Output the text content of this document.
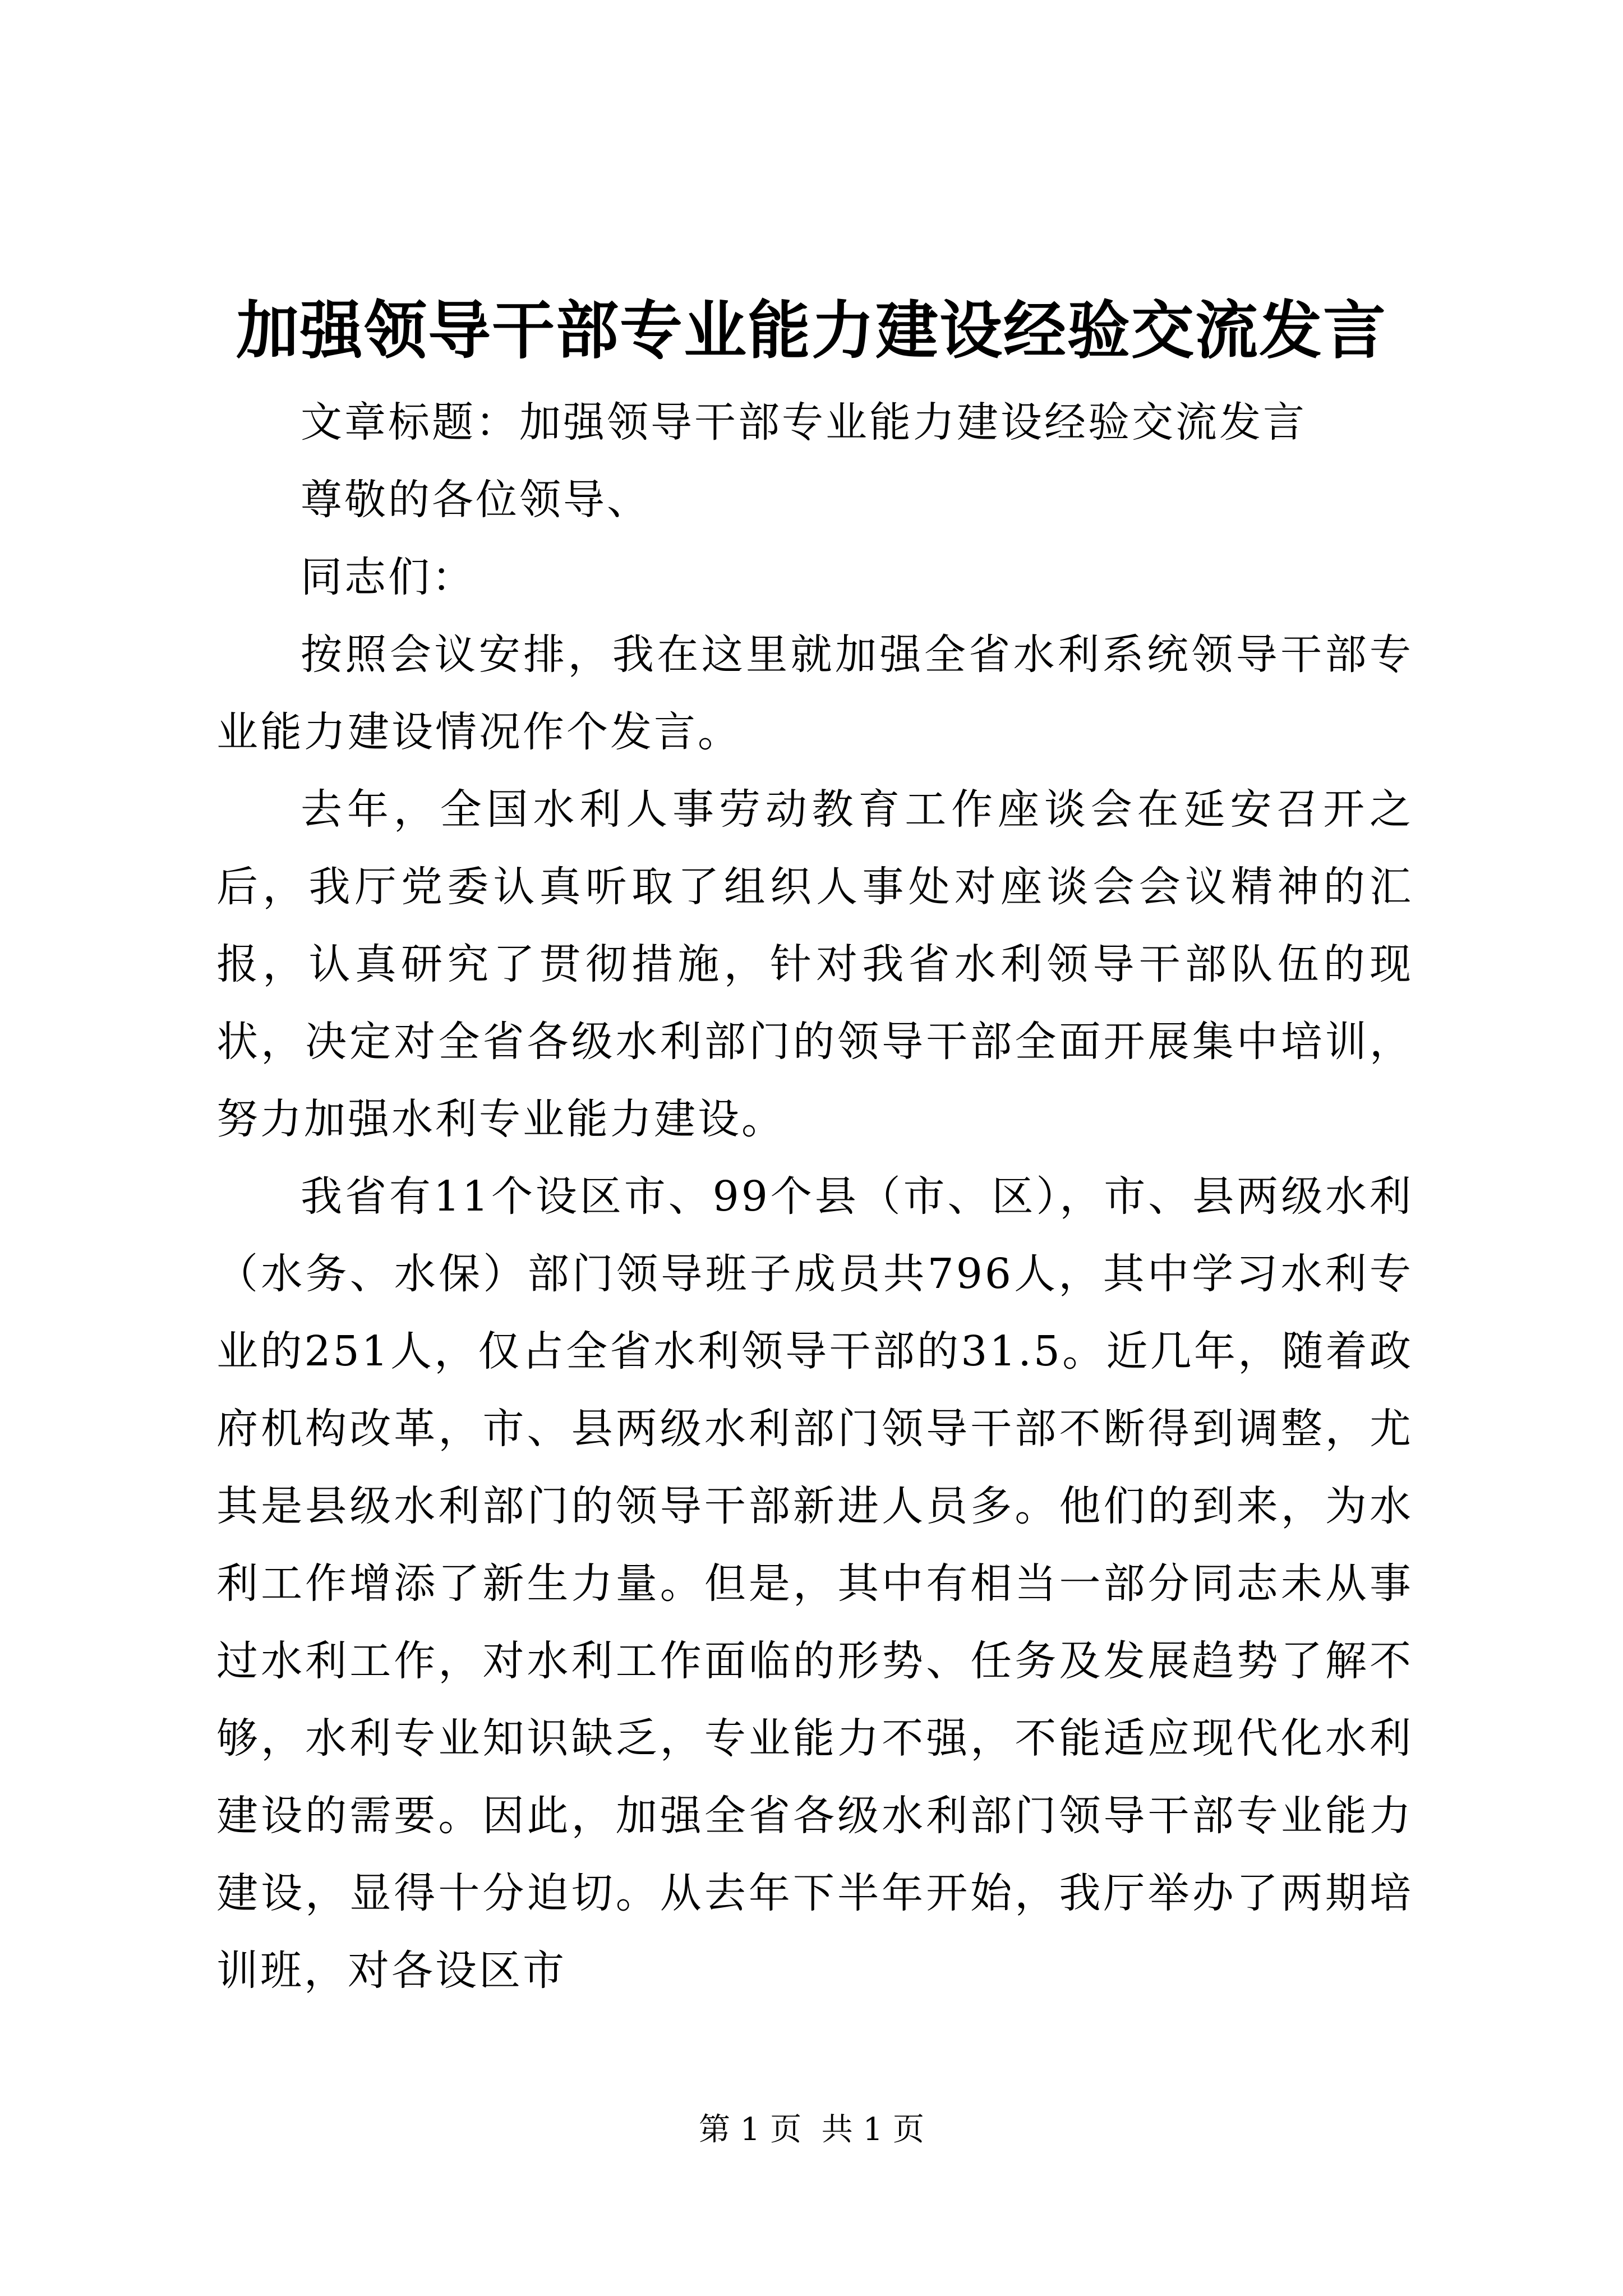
加强领导干部专业能力建设经验交流发言

文章标题：加强领导干部专业能力建设经验交流发言

尊敬的各位领导、

同志们：

按照会议安排，我在这里就加强全省水利系统领导干部专业能力建设情况作个发言。

去年，全国水利人事劳动教育工作座谈会在延安召开之后，我厅党委认真听取了组织人事处对座谈会会议精神的汇报，认真研究了贯彻措施，针对我省水利领导干部队伍的现状，决定对全省各级水利部门的领导干部全面开展集中培训，努力加强水利专业能力建设。

我省有11个设区市、99个县（市、区），市、县两级水利（水务、水保）部门领导班子成员共796人，其中学习水利专业的251人，仅占全省水利领导干部的31.5。近几年，随着政府机构改革，市、县两级水利部门领导干部不断得到调整，尤其是县级水利部门的领导干部新进人员多。他们的到来，为水利工作增添了新生力量。但是，其中有相当一部分同志未从事过水利工作，对水利工作面临的形势、任务及发展趋势了解不够，水利专业知识缺乏，专业能力不强，不能适应现代化水利建设的需要。因此，加强全省各级水利部门领导干部专业能力建设，显得十分迫切。从去年下半年开始，我厅举办了两期培训班，对各设区市

第 1 页  共 1 页
